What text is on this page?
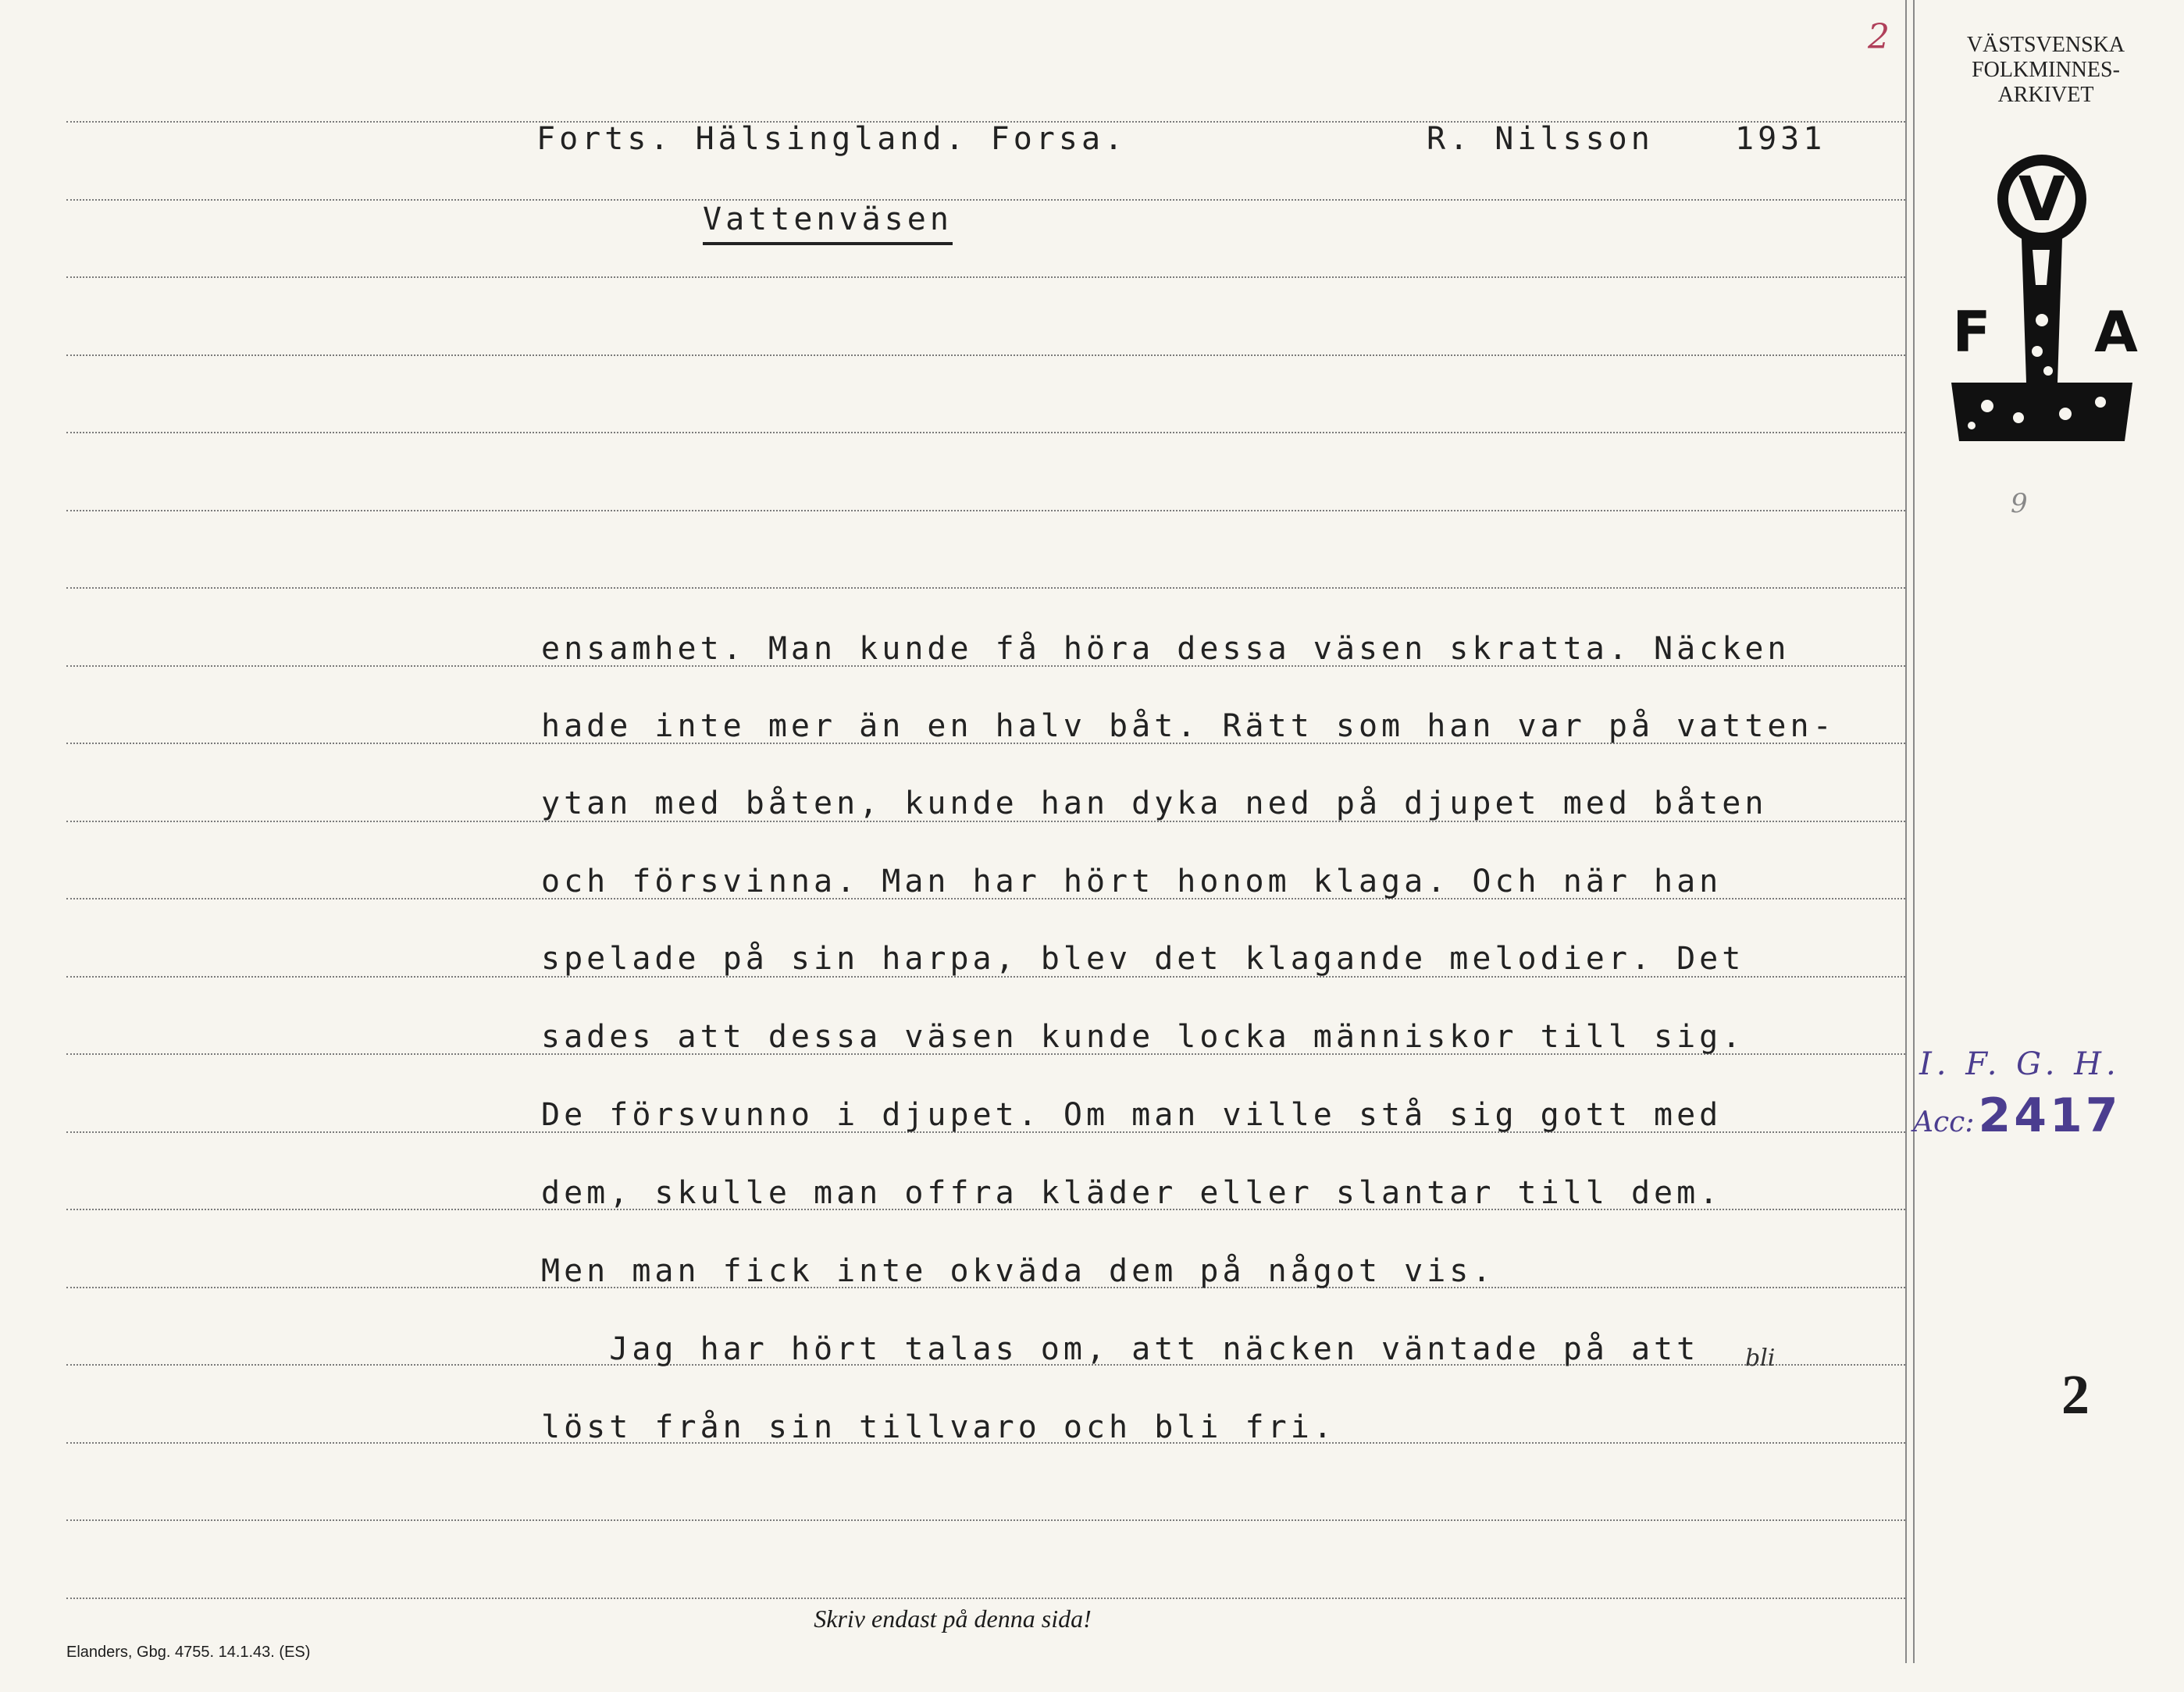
2
Forts. Hälsingland. Forsa.	R. Nilsson	1931
Vattenväsen
ensamhet. Man kunde få höra dessa väsen skratta. Näcken
hade inte mer än en halv båt. Rätt som han var på vatten-
ytan med båten, kunde han dyka ned på djupet med båten
och försvinna. Man har hört honom klaga. Och när han
spelade på sin harpa, blev det klagande melodier. Det
sades att dessa väsen kunde locka människor till sig.
De försvunno i djupet. Om man ville stå sig gott med
dem, skulle man offra kläder eller slantar till dem.
Men man fick inte okväda dem på något vis.
Jag har hört talas om, att näcken väntade på att
löst från sin tillvaro och bli fri.
bli
VÄSTSVENSKA
FOLKMINNES-
ARKIVET
V
F A
9
I. F. G. H.
Acc: 2417
2
Skriv endast på denna sida!
Elanders, Gbg. 4755. 14.1.43. (ES)
